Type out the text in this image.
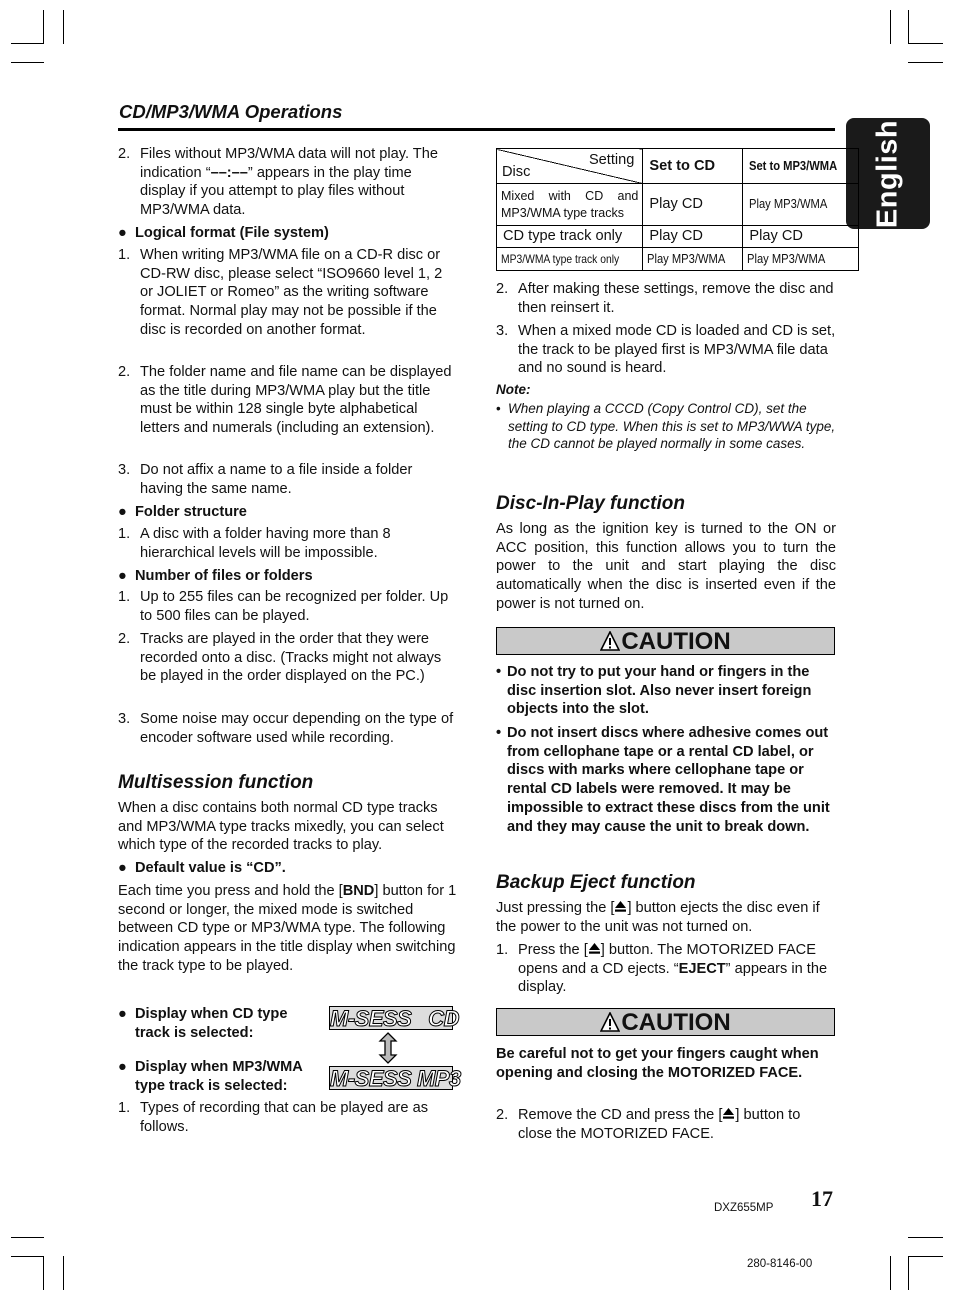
CD/MP3/WMA Operations
English
2. Files without MP3/WMA data will not play. The indication “––:––” appears in the play time display if you attempt to play files without MP3/WMA data.
● Logical format (File system)
1. When writing MP3/WMA file on a CD-R disc or CD-RW disc, please select “ISO9660 level 1, 2 or JOLIET or Romeo” as the writing software format. Normal play may not be possible if the disc is recorded on another format.
2. The folder name and file name can be displayed as the title during MP3/WMA play but the title must be within 128 single byte alphabetical letters and numerals (including an extension).
3. Do not affix a name to a file inside a folder having the same name.
● Folder structure
1. A disc with a folder having more than 8 hierarchical levels will be impossible.
● Number of files or folders
1. Up to 255 files can be recognized per folder. Up to 500 files can be played.
2. Tracks are played in the order that they were recorded onto a disc. (Tracks might not always be played in the order displayed on the PC.)
3. Some noise may occur depending on the type of encoder software used while recording.
Multisession function
When a disc contains both normal CD type tracks and MP3/WMA type tracks mixedly, you can select which type of the recorded tracks to play.
● Default value is “CD”.
Each time you press and hold the [BND] button for 1 second or longer, the mixed mode is switched between CD type or MP3/WMA type. The following indication appears in the title display when switching the track type to be played.
● Display when CD type track is selected:
M-SESS   CD
● Display when MP3/WMA type track is selected:	M-SESS MP3
1. Types of recording that can be played are as follows.
Setting
Disc	Set to CD	Set to MP3/WMA
Mixed with CD and MP3/WMA type tracks	Play CD	Play MP3/WMA
CD type track only	Play CD	Play CD
MP3/WMA type track only	Play MP3/WMA	Play MP3/WMA
2. After making these settings, remove the disc and then reinsert it.
3. When a mixed mode CD is loaded and CD is set, the track to be played first is MP3/WMA file data and no sound is heard.
Note:
• When playing a CCCD (Copy Control CD), set the setting to CD type. When this is set to MP3/WWA type, the CD cannot be played normally in some cases.
Disc-In-Play function
As long as the ignition key is turned to the ON or ACC position, this function allows you to turn the power to the unit and start playing the disc automatically when the disc is inserted even if the power is not turned on.
CAUTION
• Do not try to put your hand or fingers in the disc insertion slot. Also never insert foreign objects into the slot.
• Do not insert discs where adhesive comes out from cellophane tape or a rental CD label, or discs with marks where cellophane tape or rental CD labels were removed. It may be impossible to extract these discs from the unit and they may cause the unit to break down.
Backup Eject function
Just pressing the [ ] button ejects the disc even if the power to the unit was not turned on.
1. Press the [ ] button. The MOTORIZED FACE opens and a CD ejects. “EJECT” appears in the display.
CAUTION
Be careful not to get your fingers caught when opening and closing the MOTORIZED FACE.
2. Remove the CD and press the [ ] button to close the MOTORIZED FACE.
DXZ655MP 17
280-8146-00
